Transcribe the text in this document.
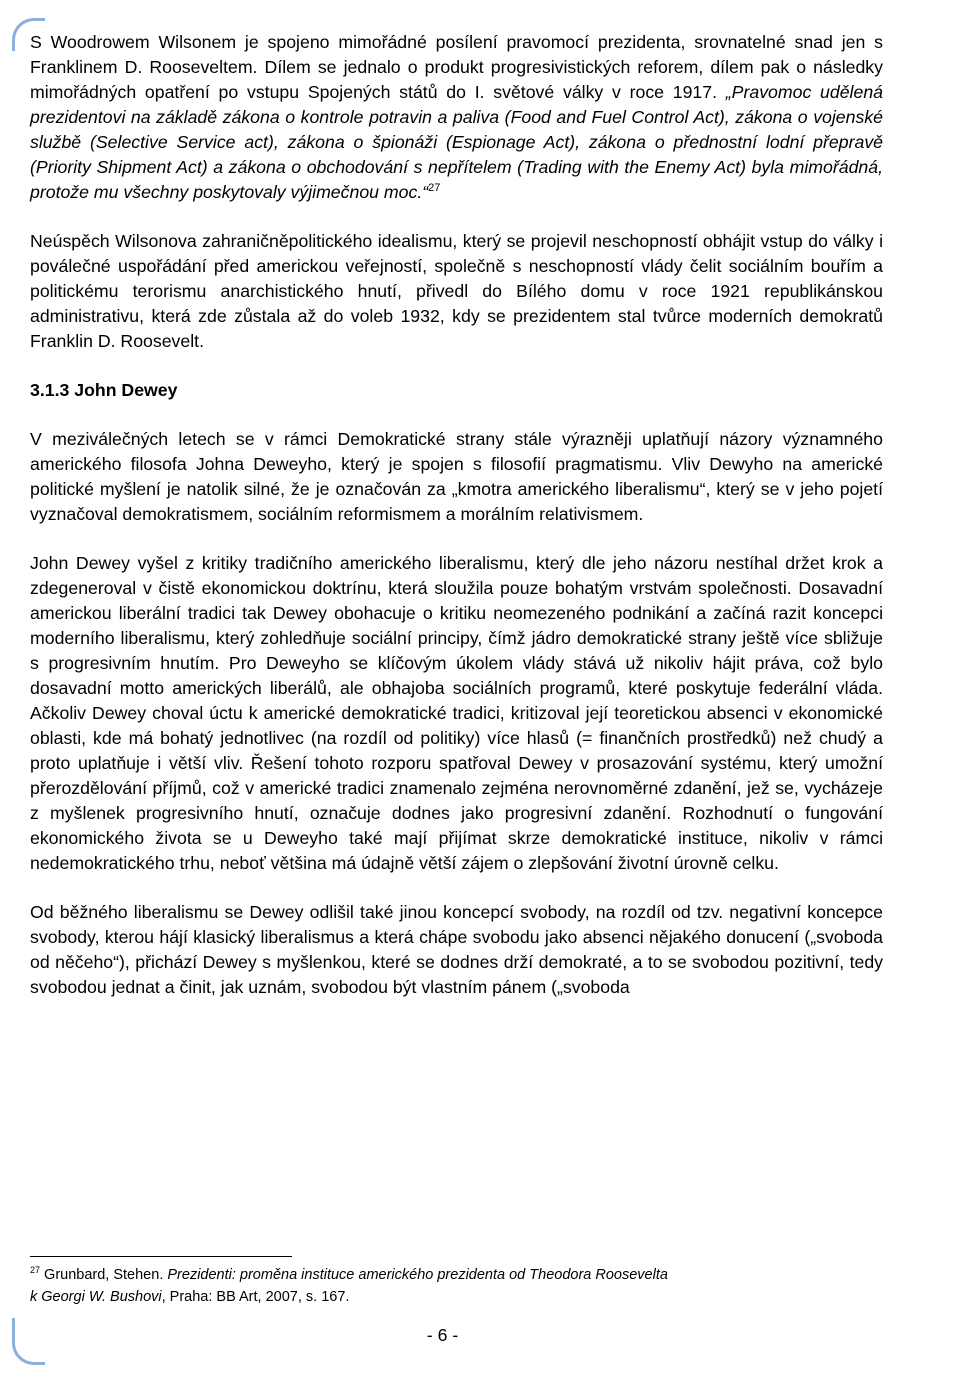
S Woodrowem Wilsonem je spojeno mimořádné posílení pravomocí prezidenta, srovnatelné snad jen s Franklinem D. Rooseveltem. Dílem se jednalo o produkt progresivistických reforem, dílem pak o následky mimořádných opatření po vstupu Spojených států do I. světové války v roce 1917. „Pravomoc udělená prezidentovi na základě zákona o kontrole potravin a paliva (Food and Fuel Control Act), zákona o vojenské službě (Selective Service act), zákona o špionáži (Espionage Act), zákona o přednostní lodní přepravě (Priority Shipment Act) a zákona o obchodování s nepřítelem (Trading with the Enemy Act) byla mimořádná, protože mu všechny poskytovaly výjimečnou moc.“$^{27}$

Neúspěch Wilsonova zahraničněpolitického idealismu, který se projevil neschopností obhájit vstup do války i poválečné uspořádání před americkou veřejností, společně s neschopností vlády čelit sociálním bouřím a politickému terorismu anarchistického hnutí, přivedl do Bílého domu v roce 1921 republikánskou administrativu, která zde zůstala až do voleb 1932, kdy se prezidentem stal tvůrce moderních demokratů Franklin D. Roosevelt.

3.1.3 John Dewey

V meziválečných letech se v rámci Demokratické strany stále výrazněji uplatňují názory významného amerického filosofa Johna Deweyho, který je spojen s filosofií pragmatismu. Vliv Dewyho na americké politické myšlení je natolik silné, že je označován za „kmotra amerického liberalismu“, který se v jeho pojetí vyznačoval demokratismem, sociálním reformismem a morálním relativismem.

John Dewey vyšel z kritiky tradičního amerického liberalismu, který dle jeho názoru nestíhal držet krok a zdegeneroval v čistě ekonomickou doktrínu, která sloužila pouze bohatým vrstvám společnosti. Dosavadní americkou liberální tradici tak Dewey obohacuje o kritiku neomezeného podnikání a začíná razit koncepci moderního liberalismu, který zohledňuje sociální principy, čímž jádro demokratické strany ještě více sbližuje s progresivním hnutím. Pro Deweyho se klíčovým úkolem vlády stává už nikoliv hájit práva, což bylo dosavadní motto amerických liberálů, ale obhajoba sociálních programů, které poskytuje federální vláda. Ačkoliv Dewey choval úctu k americké demokratické tradici, kritizoval její teoretickou absenci v ekonomické oblasti, kde má bohatý jednotlivec (na rozdíl od politiky) více hlasů (= finančních prostředků) než chudý a proto uplatňuje i větší vliv. Řešení tohoto rozporu spatřoval Dewey v prosazování systému, který umožní přerozdělování příjmů, což v americké tradici znamenalo zejména nerovnoměrné zdanění, jež se, vycházeje z myšlenek progresivního hnutí, označuje dodnes jako progresivní zdanění. Rozhodnutí o fungování ekonomického života se u Deweyho také mají přijímat skrze demokratické instituce, nikoliv v rámci nedemokratického trhu, neboť většina má údajně větší zájem o zlepšování životní úrovně celku.

Od běžného liberalismu se Dewey odlišil také jinou koncepcí svobody, na rozdíl od tzv. negativní koncepce svobody, kterou hájí klasický liberalismus a která chápe svobodu jako absenci nějakého donucení („svoboda od něčeho“), přichází Dewey s myšlenkou, které se dodnes drží demokraté, a to se svobodou pozitivní, tedy svobodou jednat a činit, jak uznám, svobodou být vlastním pánem („svoboda

$^{27}$ Grunbard, Stehen. Prezidenti: proměna instituce amerického prezidenta od Theodora Roosevelta
k Georgi W. Bushovi, Praha: BB Art, 2007, s. 167.
- 6 -
